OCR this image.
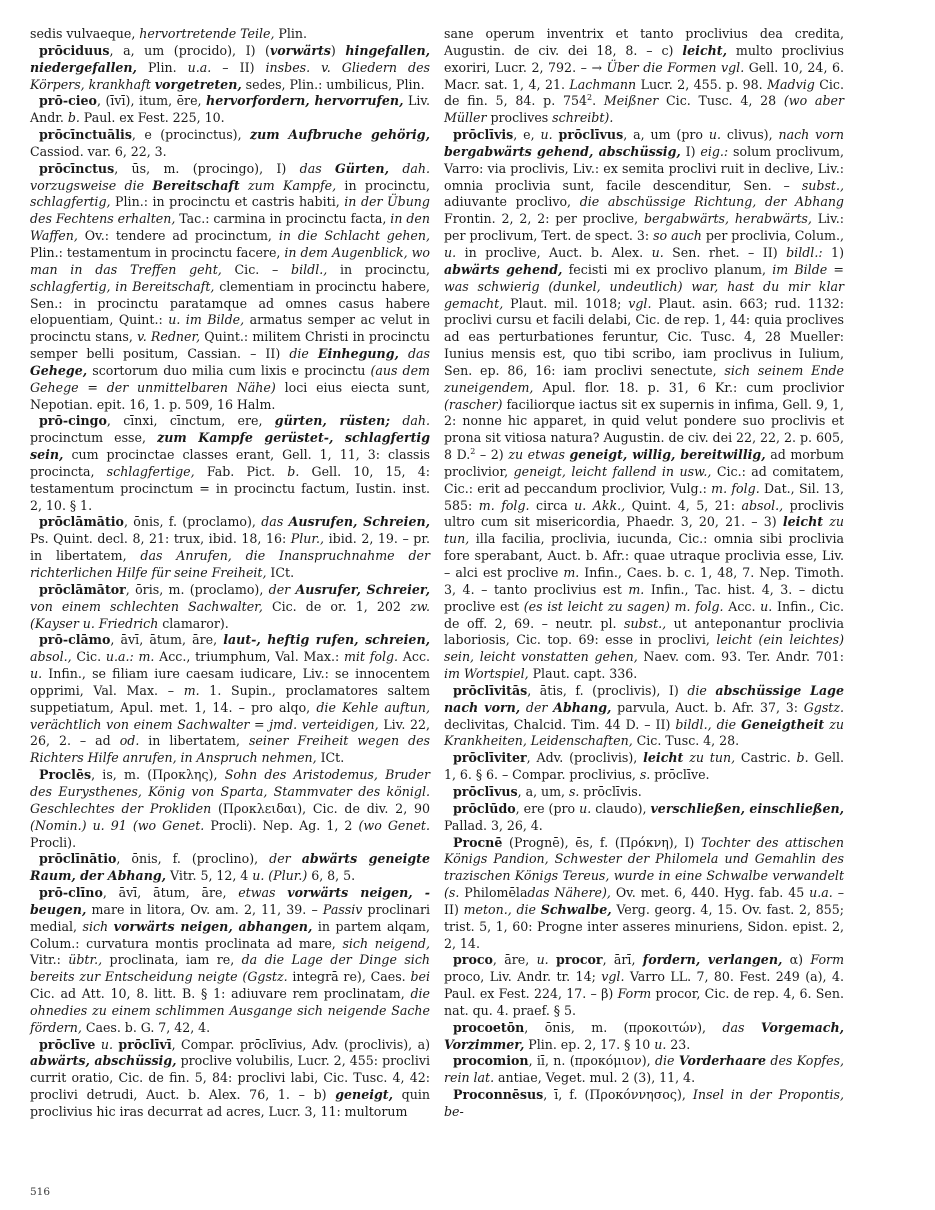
sedis vulvaeque, hervortretende Teile, Plin.

prōciduus, a, um (procido), I) (vorwärts) hingefallen, niedergefallen, Plin. u.a. – II) insbes. v. Gliedern des Körpers, krankhaft vorgetreten, sedes, Plin.: umbilicus, Plin.

prō-cieo, (īvī), itum, ēre, hervorfordern, hervorrufen, Liv. Andr. b. Paul. ex Fest. 225, 10.

prōcīnctuālis, e (procinctus), zum Aufbruche gehörig, Cassiod. var. 6, 22, 3.

prōcīnctus, ūs, m. (procingo), I) das Gürten, dah. vorzugsweise die Bereitschaft zum Kampfe, in procinctu, schlagfertig, Plin.: in procinctu et castris habiti, in der Übung des Fechtens erhalten, Tac.: carmina in procinctu facta, in den Waffen, Ov.: tendere ad procinctum, in die Schlacht gehen, Plin.: testamentum in procinctu facere, in dem Augenblick, wo man in das Treffen geht, Cic. – bildl., in procinctu, schlagfertig, in Bereitschaft, clementiam in procinctu habere, Sen.: in procinctu paratamque ad omnes casus habere elopuentiam, Quint.: u. im Bilde, armatus semper ac velut in procinctu stans, v. Redner, Quint.: militem Christi in procinctu semper belli positum, Cassian. – II) die Einhegung, das Gehege, scortorum duo milia cum lixis e procinctu (aus dem Gehege = der unmittelbaren Nähe) loci eius eiecta sunt, Nepotian. epit. 16, 1. p. 509, 16 Halm.

prō-cingo, cīnxi, cīnctum, ere, gürten, rüsten; dah. procinctum esse, zum Kampfe gerüstet-, schlagfertig sein, cum procinctae classes erant, Gell. 1, 11, 3: classis procincta, schlagfertige, Fab. Pict. b. Gell. 10, 15, 4: testamentum procinctum = in procinctu factum, Iustin. inst. 2, 10. § 1.

prōclāmātio, ōnis, f. (proclamo), das Ausrufen, Schreien, Ps. Quint. decl. 8, 21: trux, ibid. 18, 16: Plur., ibid. 2, 19. – pr. in libertatem, das Anrufen, die Inanspruchnahme der richterlichen Hilfe für seine Freiheit, ICt.

prōclāmātor, ōris, m. (proclamo), der Ausrufer, Schreier, von einem schlechten Sachwalter, Cic. de or. 1, 202 zw. (Kayser u. Friedrich clamaror).

prō-clāmo, āvī, ātum, āre, laut-, heftig rufen, schreien, absol., Cic. u.a.: m. Acc., triumphum, Val. Max.: mit folg. Acc. u. Infin., se filiam iure caesam iudicare, Liv.: se innocentem opprimi, Val. Max. – m. 1. Supin., proclamatores saltem suppetiatum, Apul. met. 1, 14. – pro alqo, die Kehle auftun, verächtlich von einem Sachwalter = jmd. verteidigen, Liv. 22, 26, 2. – ad od. in libertatem, seiner Freiheit wegen des Richters Hilfe anrufen, in Anspruch nehmen, ICt.

Proclēs, is, m. (Προκλης), Sohn des Aristodemus, Bruder des Eurysthenes, König von Sparta, Stammvater des königl. Geschlechtes der Prokliden (Προκλειδαι), Cic. de div. 2, 90 (Nomin.) u. 91 (wo Genet. Procli). Nep. Ag. 1, 2 (wo Genet. Procli).

prōclīnātio, ōnis, f. (proclino), der abwärts geneigte Raum, der Abhang, Vitr. 5, 12, 4 u. (Plur.) 6, 8, 5.

prō-clīno, āvī, ātum, āre, etwas vorwärts neigen, -beugen, mare in litora, Ov. am. 2, 11, 39. – Passiv proclinari medial, sich vorwärts neigen, abhangen, in partem alqam, Colum.: curvatura montis proclinata ad mare, sich neigend, Vitr.: übtr., proclinata, iam re, da die Lage der Dinge sich bereits zur Entscheidung neigte (Ggstz. integrā re), Caes. bei Cic. ad Att. 10, 8. litt. B. § 1: adiuvare rem proclinatam, die ohnedies zu einem schlimmen Ausgange sich neigende Sache fördern, Caes. b. G. 7, 42, 4.

prōclīve u. prōclīvī, Compar. prōclīvius, Adv. (proclivis), a) abwärts, abschüssig, proclive volubilis, Lucr. 2, 455: proclivi currit oratio, Cic. de fin. 5, 84: proclivi labi, Cic. Tusc. 4, 42: proclivi detrudi, Auct. b. Alex. 76, 1. – b) geneigt, quin proclivius hic iras decurrat ad acres, Lucr. 3, 11: multorum

sane operum inventrix et tanto proclivius dea credita, Augustin. de civ. dei 18, 8. – c) leicht, multo proclivius exoriri, Lucr. 2, 792. – → Über die Formen vgl. Gell. 10, 24, 6. Macr. sat. 1, 4, 21. Lachmann Lucr. 2, 455. p. 98. Madvig Cic. de fin. 5, 84. p. $754^2$. Meißner Cic. Tusc. 4, 28 (wo aber Müller proclives schreibt).

prōclīvis, e, u. prōclīvus, a, um (pro u. clivus), nach vorn bergabwärts gehend, abschüssig, I) eig.: solum proclivum, Varro: via proclivis, Liv.: ex semita proclivi ruit in declive, Liv.: omnia proclivia sunt, facile descenditur, Sen. – subst., adiuvante proclivo, die abschüssige Richtung, der Abhang Frontin. 2, 2, 2: per proclive, bergabwärts, herabwärts, Liv.: per proclivum, Tert. de spect. 3: so auch per proclivia, Colum., u. in proclive, Auct. b. Alex. u. Sen. rhet. – II) bildl.: 1) abwärts gehend, fecisti mi ex proclivo planum, im Bilde = was schwierig (dunkel, undeutlich) war, hast du mir klar gemacht, Plaut. mil. 1018; vgl. Plaut. asin. 663; rud. 1132: proclivi cursu et facili delabi, Cic. de rep. 1, 44: quia proclives ad eas perturbationes feruntur, Cic. Tusc. 4, 28 Mueller: Iunius mensis est, quo tibi scribo, iam proclivus in Iulium, Sen. ep. 86, 16: iam proclivi senectute, sich seinem Ende zuneigendem, Apul. flor. 18. p. 31, 6 Kr.: cum proclivior (rascher) faciliorque iactus sit ex supernis in infima, Gell. 9, 1, 2: nonne hic apparet, in quid velut pondere suo proclivis et prona sit vitiosa natura? Augustin. de civ. dei 22, 22, 2. p. 605, 8 D.$^2$ – 2) zu etwas geneigt, willig, bereitwillig, ad morbum proclivior, geneigt, leicht fallend in usw., Cic.: ad comitatem, Cic.: erit ad peccandum proclivior, Vulg.: m. folg. Dat., Sil. 13, 585: m. folg. circa u. Akk., Quint. 4, 5, 21: absol., proclivis ultro cum sit misericordia, Phaedr. 3, 20, 21. – 3) leicht zu tun, illa facilia, proclivia, iucunda, Cic.: omnia sibi proclivia fore sperabant, Auct. b. Afr.: quae utraque proclivia esse, Liv. – alci est proclive m. Infin., Caes. b. c. 1, 48, 7. Nep. Timoth. 3, 4. – tanto proclivius est m. Infin., Tac. hist. 4, 3. – dictu proclive est (es ist leicht zu sagen) m. folg. Acc. u. Infin., Cic. de off. 2, 69. – neutr. pl. subst., ut anteponantur proclivia laboriosis, Cic. top. 69: esse in proclivi, leicht (ein leichtes) sein, leicht vonstatten gehen, Naev. com. 93. Ter. Andr. 701: im Wortspiel, Plaut. capt. 336.

prōclīvitās, ātis, f. (proclivis), I) die abschüssige Lage nach vorn, der Abhang, parvula, Auct. b. Afr. 37, 3: Ggstz. declivitas, Chalcid. Tim. 44 D. – II) bildl., die Geneigtheit zu Krankheiten, Leidenschaften, Cic. Tusc. 4, 28.

prōclīviter, Adv. (proclivis), leicht zu tun, Castric. b. Gell. 1, 6. § 6. – Compar. proclivius, s. prōclīve.

prōclīvus, a, um, s. prōclīvis.

prōclūdo, ere (pro u. claudo), verschließen, einschließen, Pallad. 3, 26, 4.

Procnē (Prognē), ēs, f. (Πρόκνη), I) Tochter des attischen Königs Pandion, Schwester der Philomela und Gemahlin des trazischen Königs Tereus, wurde in eine Schwalbe verwandelt (s. Philomēladas Nähere), Ov. met. 6, 440. Hyg. fab. 45 u.a. – II) meton., die Schwalbe, Verg. georg. 4, 15. Ov. fast. 2, 855; trist. 5, 1, 60: Progne inter asseres minuriens, Sidon. epist. 2, 2, 14.

proco, āre, u. procor, ārī, fordern, verlangen, α) Form proco, Liv. Andr. tr. 14; vgl. Varro LL. 7, 80. Fest. 249 (a), 4. Paul. ex Fest. 224, 17. – β) Form procor, Cic. de rep. 4, 6. Sen. nat. qu. 4. praef. § 5.

procoetōn, ōnis, m. (προκοιτών), das Vorgemach, Vorzimmer, Plin. ep. 2, 17. § 10 u. 23.

procomion, iī, n. (προκόμιον), die Vorderhaare des Kopfes, rein lat. antiae, Veget. mul. 2 (3), 11, 4.

Proconnēsus, ī, f. (Προκόννησος), Insel in der Propontis, be-

516
